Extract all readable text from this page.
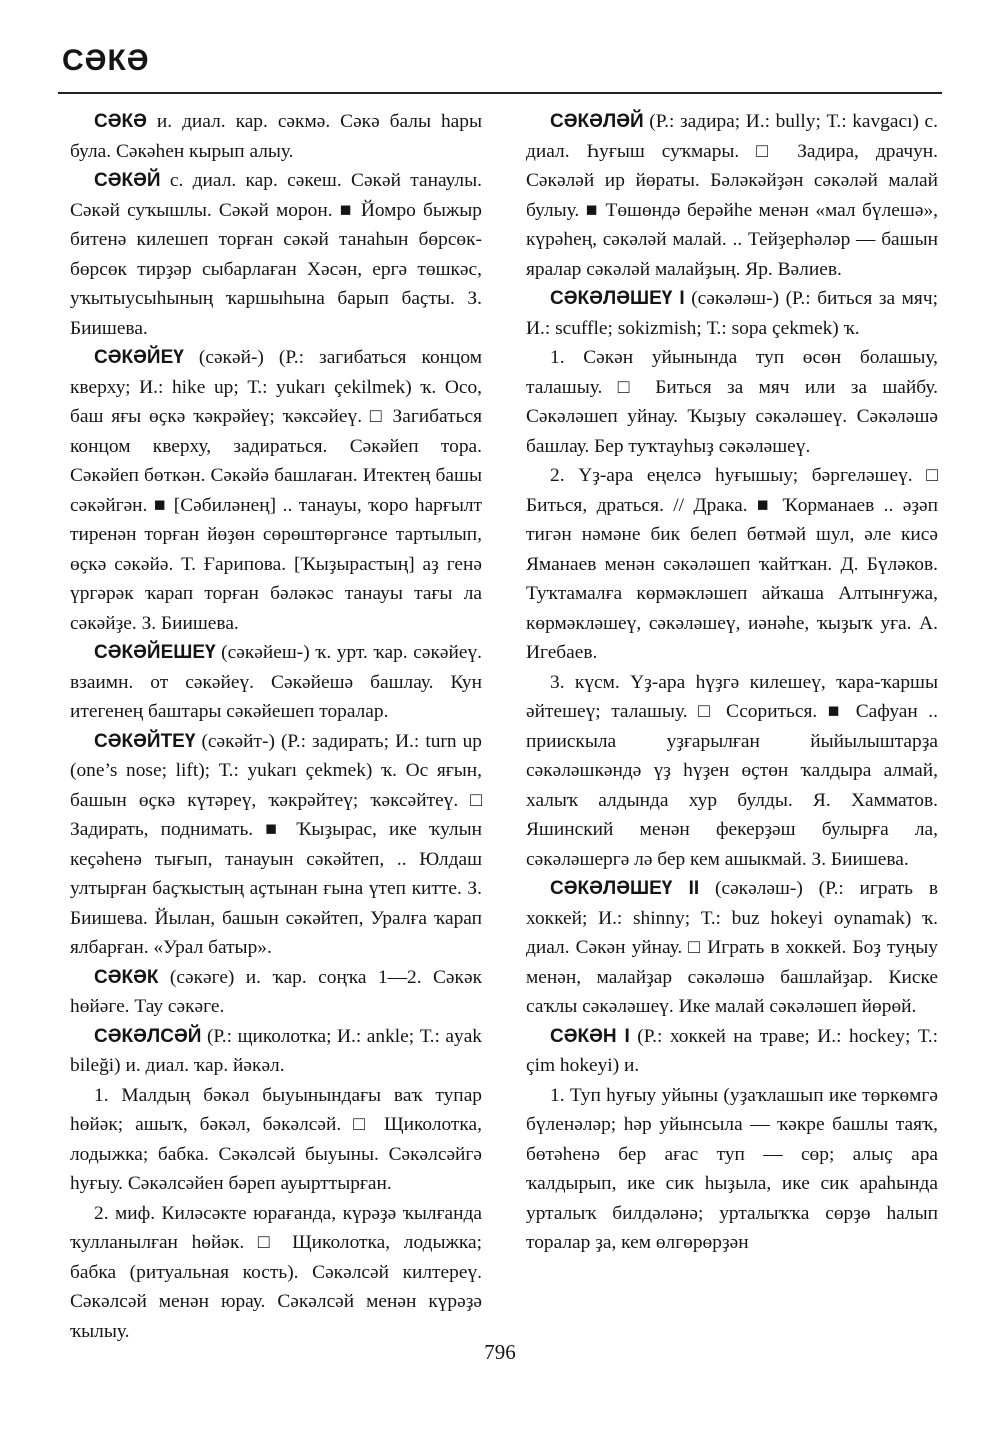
СӘКӘ

СӘКӘ и. диал. кар. сәкмә. Сәкә балы һары була. Сәкәһен кырып алыу.

СӘКӘЙ с. диал. кар. сәкеш. Сәкәй танаулы. Сәкәй суҡышлы. Сәкәй морон. ■ Йомро быжыр битенә килешеп торған сәкәй танаһын бөрсөк-бөрсөк тирҙәр сыбарлаған Хәсән, ергә төшкәс, уҡытыусыһының ҡаршыһына барып баҫты. З. Биишева.

СӘКӘЙЕҮ (сәкәй-) (Р.: загибаться концом кверху; И.: hike up; Т.: yukarı çekilmek) ҡ. Осо, баш яғы өҫкә ҡәкрәйеү; ҡәксәйеү. □ Загибаться концом кверху, задираться. Сәкәйеп тора. Сәкәйеп бөткән. Сәкәйә башлаған. Итектең башы сәкәйгән. ■ [Сәбиләнең] .. танауы, ҡоро һарғылт тиренән торған йөҙөн сөрөштөргәнсе тартылып, өҫкә сәкәйә. Т. Ғарипова. [Ҡыҙырастың] аҙ генә үргәрәк ҡарап торған бәләкәс танауы тағы ла сәкәйҙе. З. Биишева.

СӘКӘЙЕШЕҮ (сәкәйеш-) ҡ. урт. ҡар. сәкәйеү. взаимн. от сәкәйеү. Сәкәйешә башлау. Кун итегенең баштары сәкәйешеп торалар.

СӘКӘЙТЕҮ (сәкәйт-) (Р.: задирать; И.: turn up (one’s nose; lift); Т.: yukarı çekmek) ҡ. Ос яғын, башын өҫкә күтәреү, ҡәкрәйтеү; ҡәксәйтеү. □ Задирать, поднимать. ■ Ҡыҙырас, ике ҡулын кеҫәһенә тығып, танауын сәкәйтеп, .. Юлдаш ултырған баҫҡыстың аҫтынан ғына үтеп китте. З. Биишева. Йылан, башын сәкәйтеп, Уралға ҡарап ялбарған. «Урал батыр».

СӘКӘК (сәкәге) и. ҡар. соңҡа 1—2. Сәкәк һөйәге. Тау сәкәге.

СӘКӘЛСӘЙ (Р.: щиколотка; И.: ankle; Т.: ayak bileği) и. диал. ҡар. йәкәл.

1. Малдың бәкәл быуынындағы ваҡ тупар һөйәк; ашыҡ, бәкәл, бәкәлсәй. □ Щиколотка, лодыжка; бабка. Сәкәлсәй быуыны. Сәкәлсәйгә һуғыу. Сәкәлсәйен бәреп ауырттырған.

2. миф. Киләсәкте юрағанда, күрәҙә ҡылғанда ҡулланылған һөйәк. □ Щиколотка, лодыжка; бабка (ритуальная кость). Сәкәлсәй килтереү. Сәкәлсәй менән юрау. Сәкәлсәй менән күрәҙә ҡылыу.

СӘКӘЛӘЙ (Р.: задира; И.: bully; Т.: kavgacı) с. диал. Һуғыш суҡмары. □ Задира, драчун. Сәкәләй ир йөраты. Бәләкәйҙән сәкәләй малай булыу. ■ Төшөндә берәйһе менән «мал бүлешә», күрәһең, сәкәләй малай. .. Тейҙерһәләр — башын яралар сәкәләй малайҙың. Яр. Вәлиев.

СӘКӘЛӘШЕҮ I (сәкәләш-) (Р.: биться за мяч; И.: scuffle; sokizmish; Т.: sopa çekmek) ҡ.

1. Сәкән уйынында туп өсөн болашыу, талашыу. □ Биться за мяч или за шайбу. Сәкәләшеп уйнау. Ҡыҙыу сәкәләшеү. Сәкәләшә башлау. Бер туҡтауһыҙ сәкәләшеү.

2. Үҙ-ара еңелсә һуғышыу; бәргеләшеү. □ Биться, драться. // Драка. ■ Ҡорманаев .. әҙәп тигән нәмәне бик белеп бөтмәй шул, әле кисә Яманаев менән сәкәләшеп ҡайтҡан. Д. Бүләков. Туҡтамалға көрмәкләшеп айҡаша Алтынғужа, көрмәкләшеү, сәкәләшеү, иәнәһе, ҡыҙыҡ уға. А. Игебаев.

3. күсм. Үҙ-ара һүҙгә килешеү, ҡара-ҡаршы әйтешеү; талашыу. □ Ссориться. ■ Сафуан .. приискыла уҙғарылған йыйылыштарҙа сәкәләшкәндә үҙ һүҙен өҫтөн ҡалдыра алмай, халыҡ алдында хур булды. Я. Хамматов. Яшинский менән фекерҙәш булырға ла, сәкәләшергә лә бер кем ашыкмай. З. Биишева.

СӘКӘЛӘШЕҮ II (сәкәләш-) (Р.: играть в хоккей; И.: shinny; Т.: buz hokeyi oynamak) ҡ. диал. Сәкән уйнау. □ Играть в хоккей. Боҙ туңыу менән, малайҙар сәкәләшә башлайҙар. Киске саҡлы сәкәләшеү. Ике малай сәкәләшеп йөрөй.

СӘКӘН I (Р.: хоккей на траве; И.: hockey; Т.: çim hokeyi) и.

1. Туп һуғыу уйыны (уҙаҡлашып ике төркөмгә бүленәләр; һәр уйынсыла — ҡәкре башлы таяҡ, бөтәһенә бер ағас туп — сөр; алыҫ ара ҡалдырып, ике сик һыҙыла, ике сик араһында урталыҡ билдәләнә; урталыҡҡа сөрҙө һалып торалар ҙа, кем өлгөрөрҙән

796
